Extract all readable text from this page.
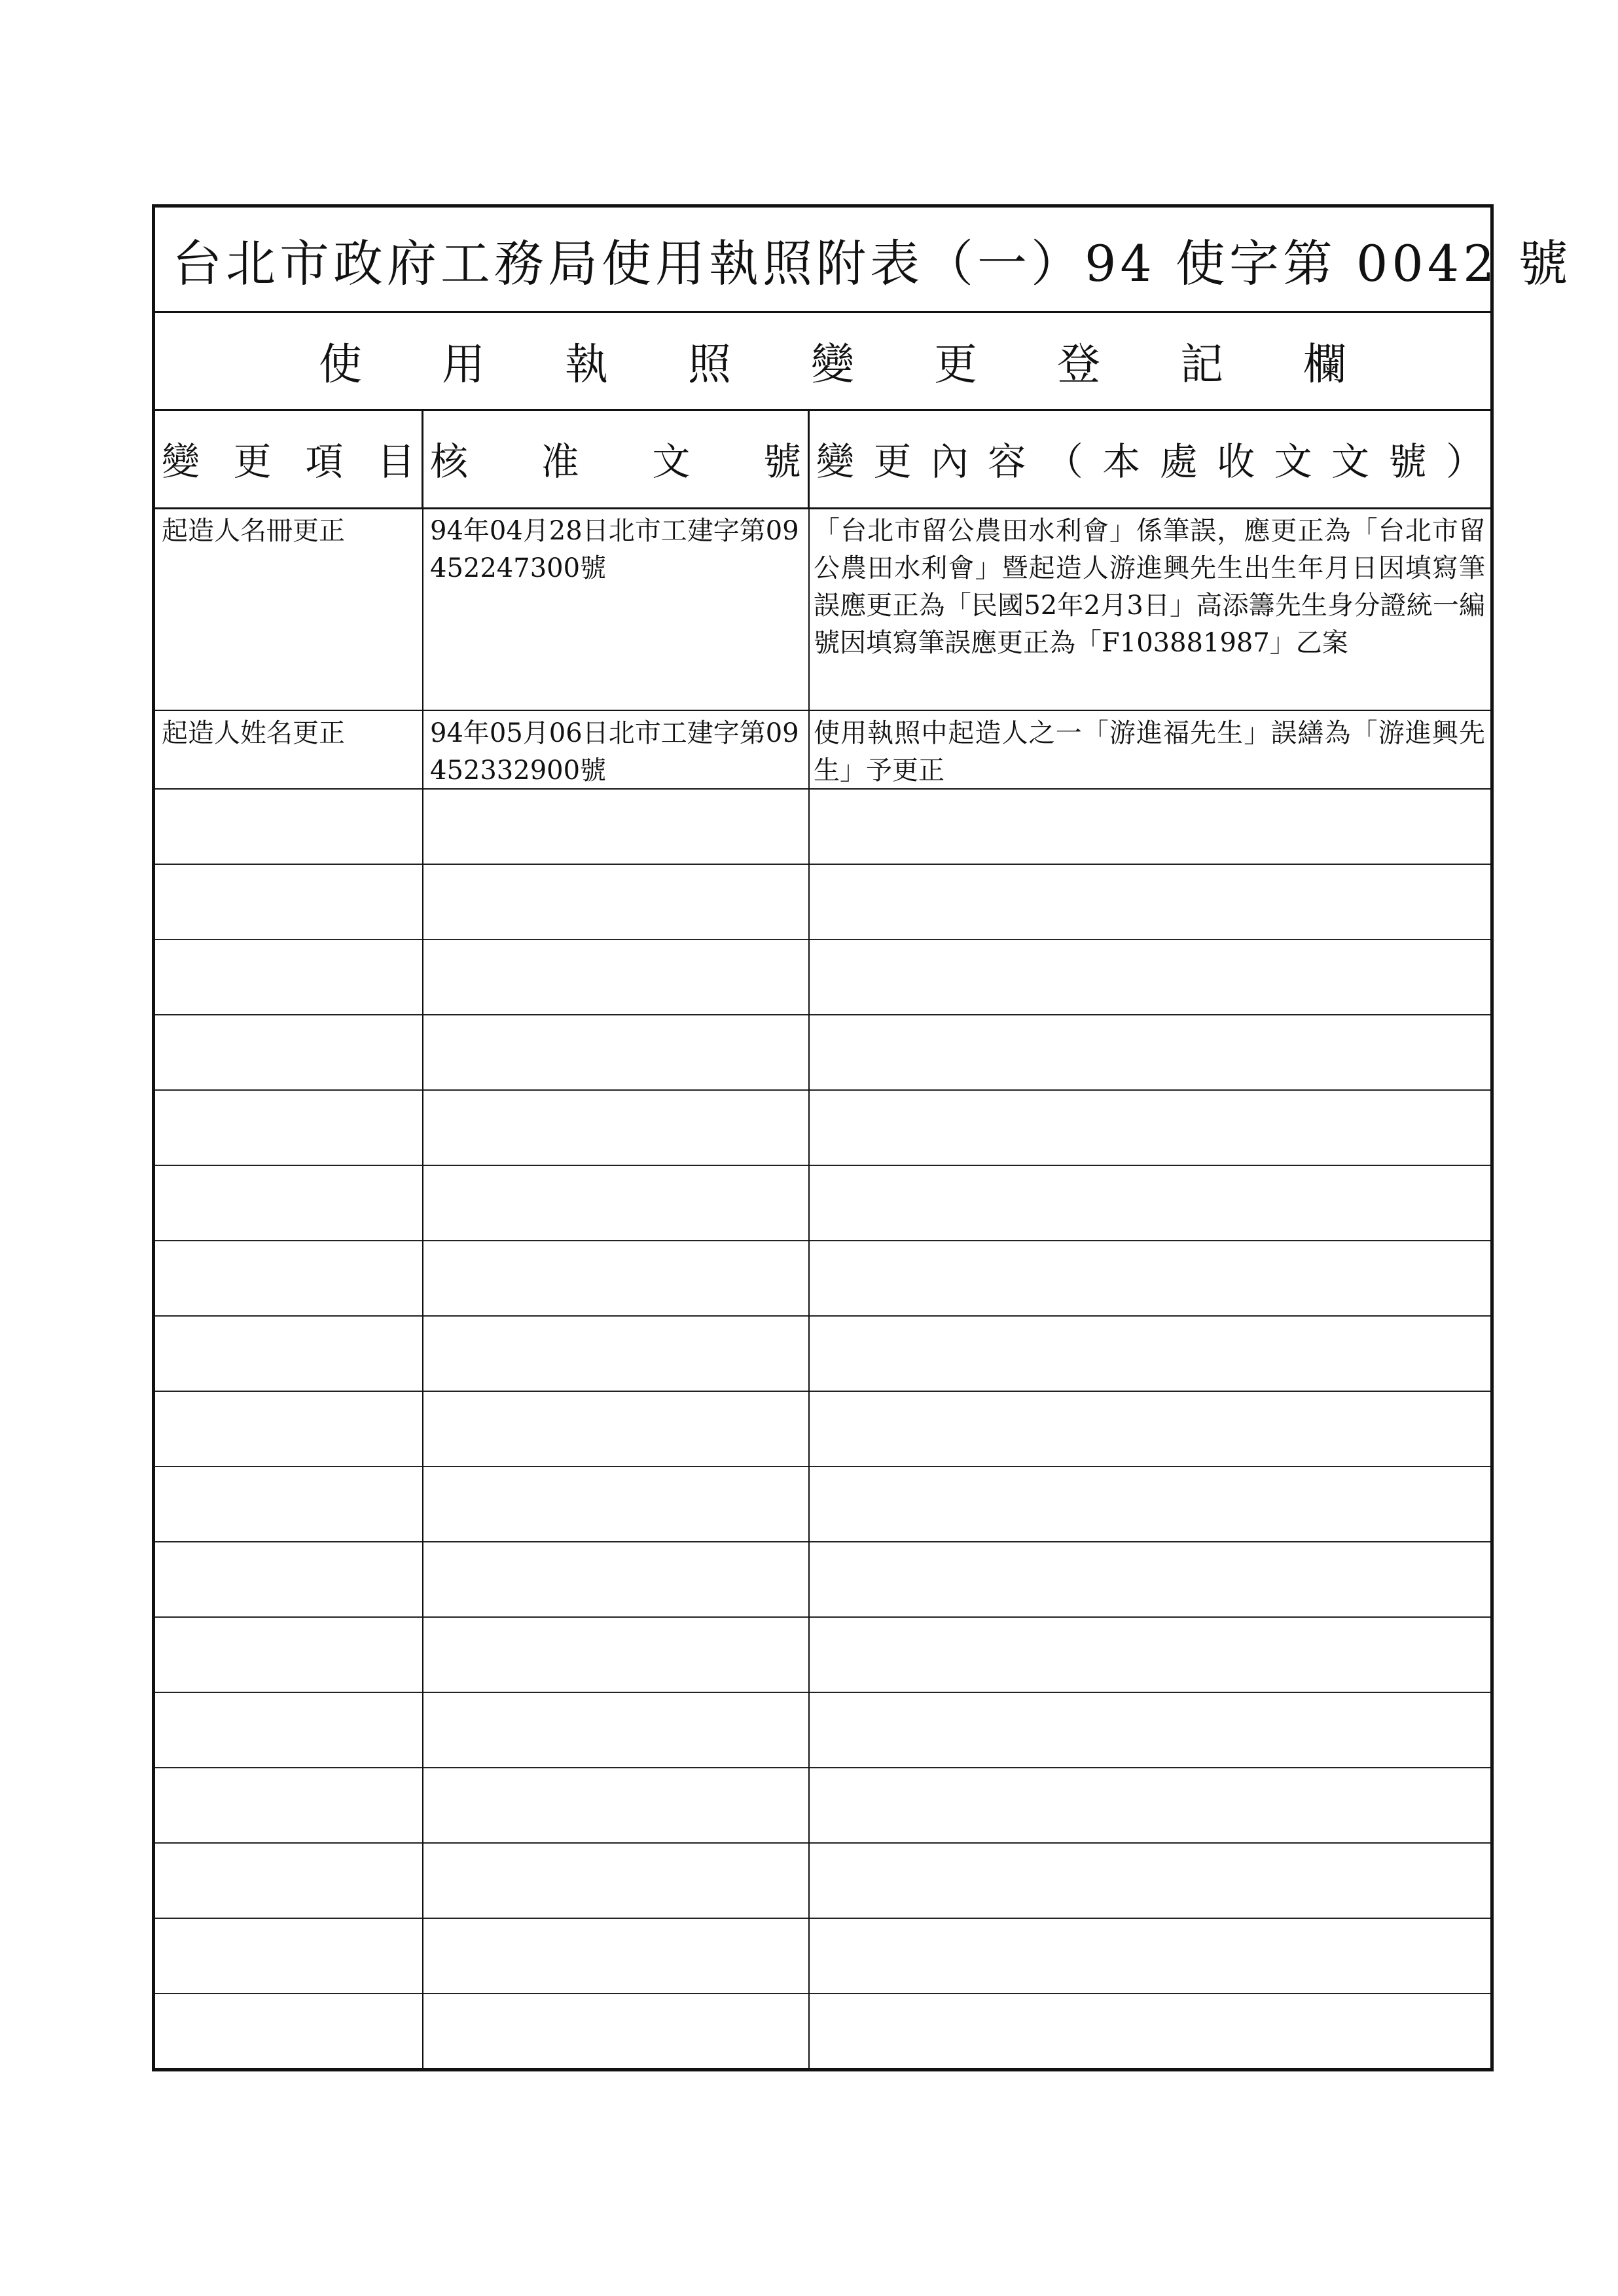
台北市政府工務局使用執照附表（一）94 使字第 0042 號
使用執照變更登記欄
變 更 項 目 核 准 文 號 變更內容（本處收文文號）
起造人名冊更正	94年04月28日北市工建字第09452247300號
「台北市留公農田水利會」係筆誤，應更正為「台北市留公農田水利會」暨起造人游進興先生出生年月日因填寫筆誤應更正為「民國52年2月3日」高添籌先生身分證統一編號因填寫筆誤應更正為「F103881987」乙案
起造人姓名更正	94年05月06日北市工建字第09452332900號
使用執照中起造人之一「游進福先生」誤繕為「游進興先生」予更正
